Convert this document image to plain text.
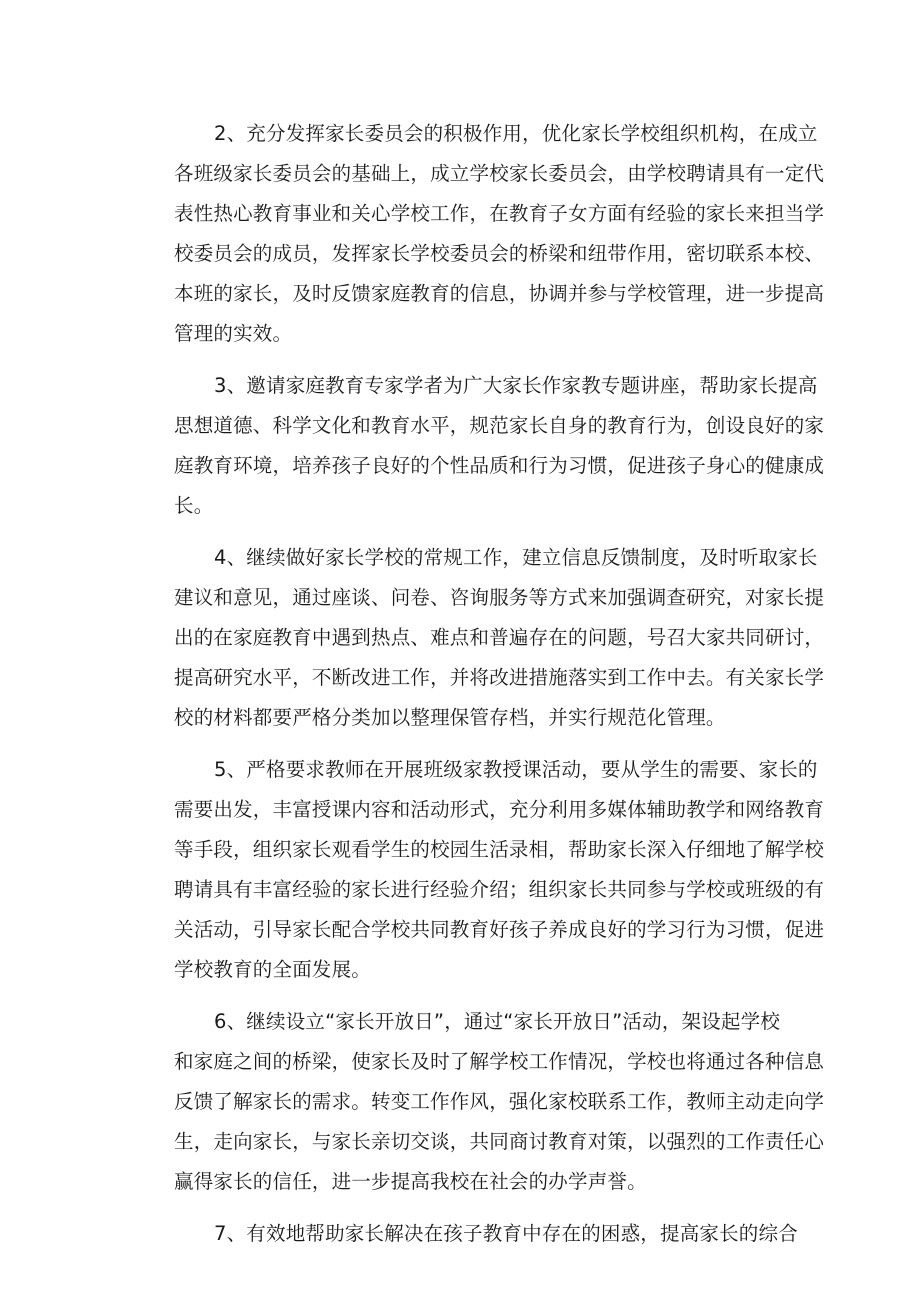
2、充分发挥家长委员会的积极作用，优化家长学校组织机构，在成立
各班级家长委员会的基础上，成立学校家长委员会，由学校聘请具有一定代
表性热心教育事业和关心学校工作，在教育子女方面有经验的家长来担当学
校委员会的成员，发挥家长学校委员会的桥梁和纽带作用，密切联系本校、
本班的家长，及时反馈家庭教育的信息，协调并参与学校管理，进一步提高
管理的实效。

3、邀请家庭教育专家学者为广大家长作家教专题讲座，帮助家长提高
思想道德、科学文化和教育水平，规范家长自身的教育行为，创设良好的家
庭教育环境，培养孩子良好的个性品质和行为习惯，促进孩子身心的健康成
长。

4、继续做好家长学校的常规工作，建立信息反馈制度，及时听取家长
建议和意见，通过座谈、问卷、咨询服务等方式来加强调查研究，对家长提
出的在家庭教育中遇到热点、难点和普遍存在的问题，号召大家共同研讨，
提高研究水平，不断改进工作，并将改进措施落实到工作中去。有关家长学
校的材料都要严格分类加以整理保管存档，并实行规范化管理。

5、严格要求教师在开展班级家教授课活动，要从学生的需要、家长的
需要出发，丰富授课内容和活动形式，充分利用多媒体辅助教学和网络教育
等手段，组织家长观看学生的校园生活录相，帮助家长深入仔细地了解学校
聘请具有丰富经验的家长进行经验介绍；组织家长共同参与学校或班级的有
关活动，引导家长配合学校共同教育好孩子养成良好的学习行为习惯，促进
学校教育的全面发展。

6、继续设立“家长开放日”，通过“家长开放日”活动，架设起学校
和家庭之间的桥梁，使家长及时了解学校工作情况，学校也将通过各种信息
反馈了解家长的需求。转变工作作风，强化家校联系工作，教师主动走向学
生，走向家长，与家长亲切交谈，共同商讨教育对策，以强烈的工作责任心
赢得家长的信任，进一步提高我校在社会的办学声誉。

7、有效地帮助家长解决在孩子教育中存在的困惑，提高家长的综合
